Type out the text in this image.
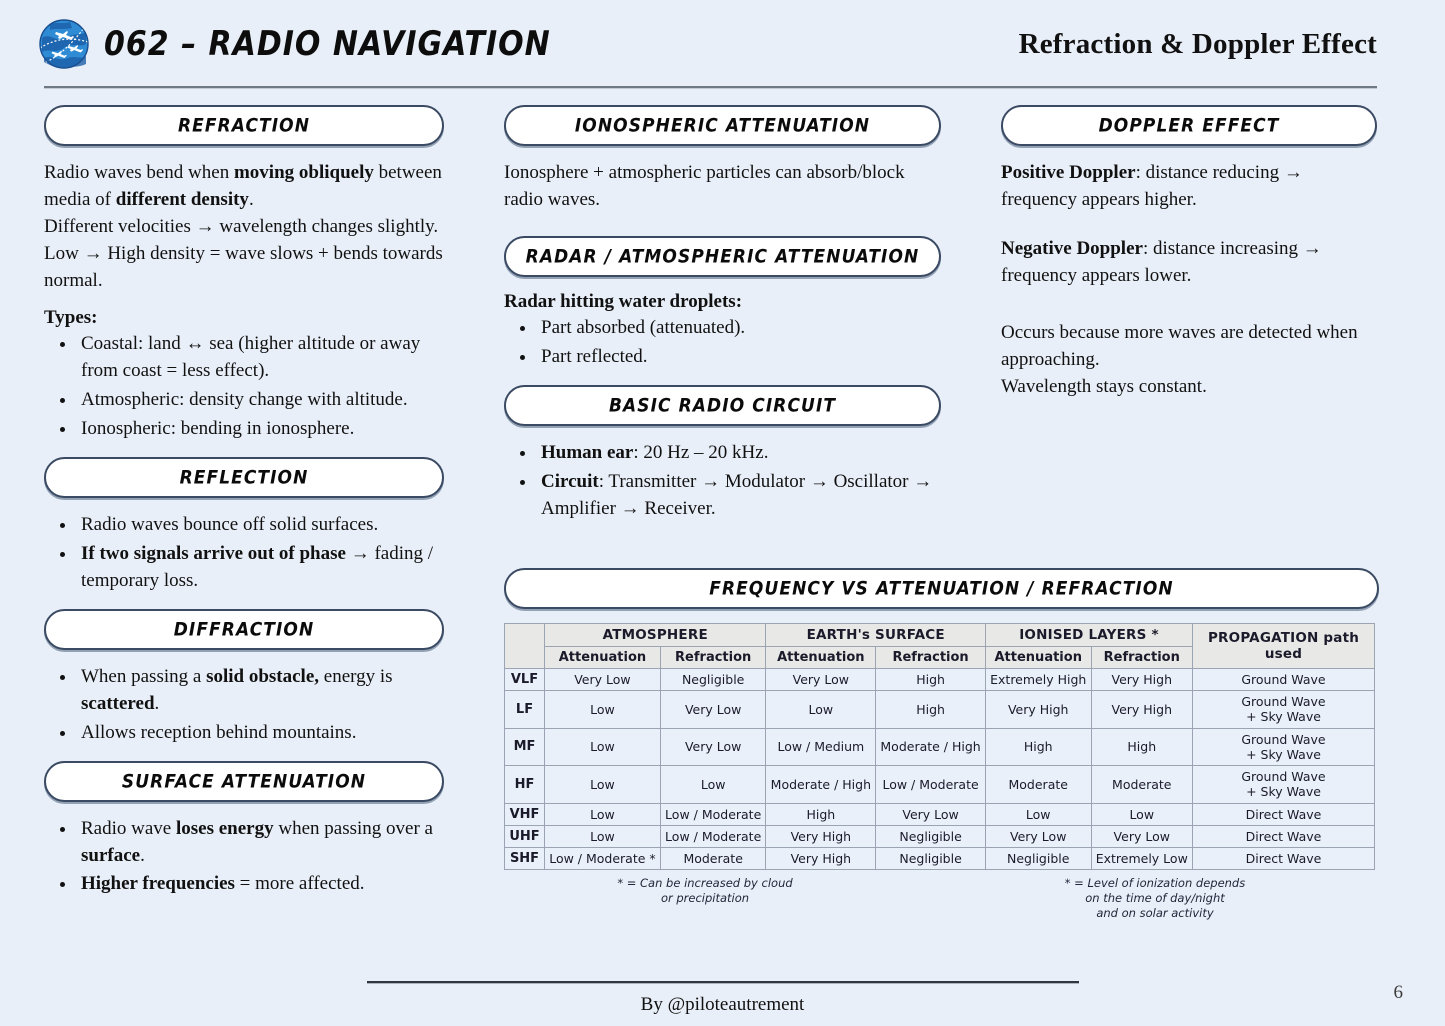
062 – RADIO NAVIGATION	Refraction & Doppler Effect
REFRACTION

Radio waves bend when moving obliquely between media of different density.

Different velocities → wavelength changes slightly.

Low → High density = wave slows + bends towards normal.

Types:
• Coastal: land ↔ sea (higher altitude or away from coast = less effect).
• Atmospheric: density change with altitude.
• Ionospheric: bending in ionosphere.
REFLECTION
• Radio waves bounce off solid surfaces.
• If two signals arrive out of phase → fading / temporary loss.
DIFFRACTION
• When passing a solid obstacle, energy is scattered.
• Allows reception behind mountains.
SURFACE ATTENUATION
• Radio wave loses energy when passing over a surface.
• Higher frequencies = more affected.
IONOSPHERIC ATTENUATION

Ionosphere + atmospheric particles can absorb/block radio waves.

RADAR / ATMOSPHERIC ATTENUATION
Radar hitting water droplets:
• Part absorbed (attenuated).
• Part reflected.
BASIC RADIO CIRCUIT
• Human ear: 20 Hz – 20 kHz.
• Circuit: Transmitter → Modulator → Oscillator → Amplifier → Receiver.
DOPPLER EFFECT

Positive Doppler: distance reducing → frequency appears higher.

Negative Doppler: distance increasing → frequency appears lower.

Occurs because more waves are detected when approaching.

Wavelength stays constant.

FREQUENCY VS ATTENUATION / REFRACTION
	ATMOSPHERE		EARTH's SURFACE		IONISED LAYERS *		PROPAGATION path used
	Attenuation	Refraction	Attenuation	Refraction	Attenuation	Refraction	
VLF	Very Low	Negligible	Very Low	High	Extremely High	Very High	Ground Wave
LF	Low	Very Low	Low	High	Very High	Very High	Ground Wave
+ Sky Wave
MF	Low	Very Low	Low / Medium	Moderate / High	High	High	Ground Wave
+ Sky Wave
HF	Low	Low	Moderate / High	Low / Moderate	Moderate	Moderate	Ground Wave
+ Sky Wave
VHF	Low	Low / Moderate	High	Very Low	Low	Low	Direct Wave
UHF	Low	Low / Moderate	Very High	Negligible	Very Low	Very Low	Direct Wave
SHF	Low / Moderate *	Moderate	Very High	Negligible	Negligible	Extremely Low	Direct Wave
* = Can be increased by cloud
or precipitation
* = Level of ionization depends
on the time of day/night
and on solar activity
By @piloteautrement
6
